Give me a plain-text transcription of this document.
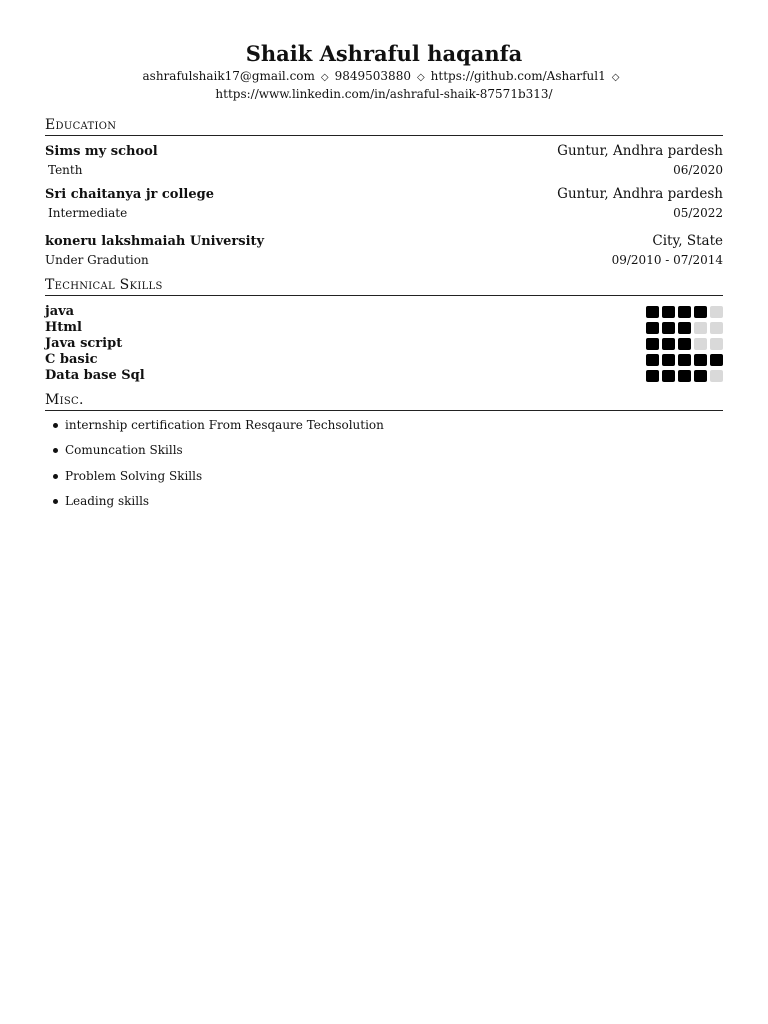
Shaik Ashraful haqanfa
ashrafulshaik17@gmail.com ◇ 9849503880 ◇ https://github.com/Asharful1 ◇
https://www.linkedin.com/in/ashraful-shaik-87571b313/
Education
Sims my school	Guntur, Andhra pardesh
Tenth	06/2020
Sri chaitanya jr college	Guntur, Andhra pardesh
Intermediate	05/2022
koneru lakshmaiah University	City, State
Under Gradution	09/2010 - 07/2014
Technical Skills
java
Html
Java script
C basic
Data base Sql
Misc.
internship certification From Resqaure Techsolution
Comuncation Skills
Problem Solving Skills
Leading skills
